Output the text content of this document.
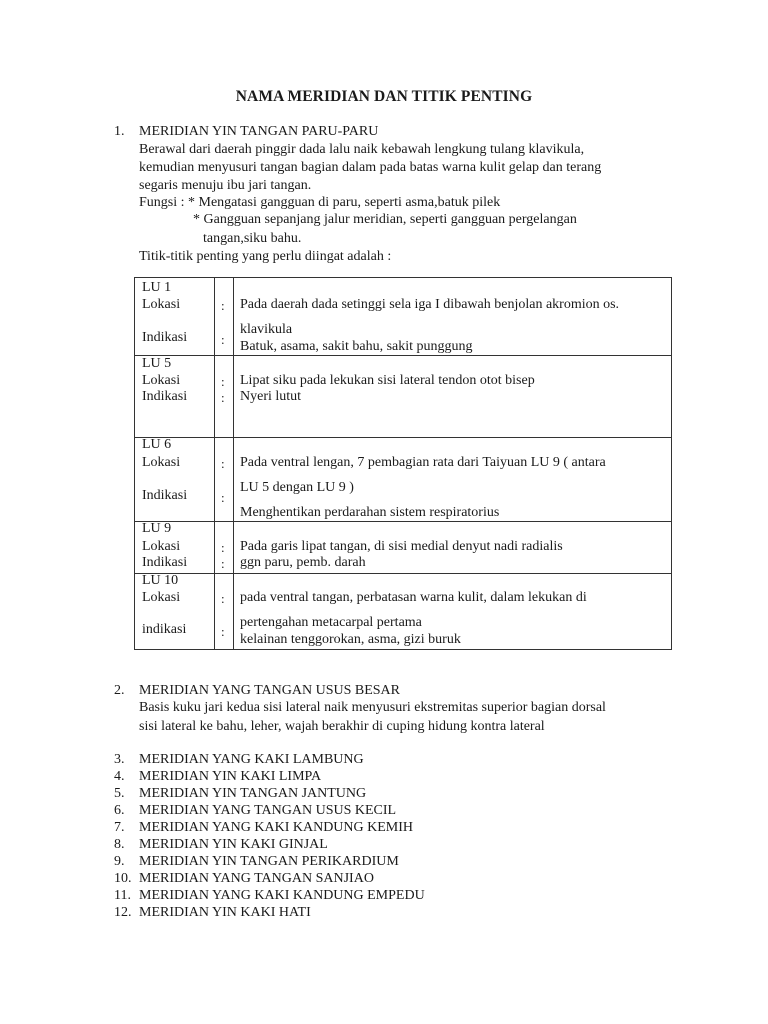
NAMA MERIDIAN DAN TITIK PENTING
1. MERIDIAN YIN TANGAN PARU-PARU
Berawal dari daerah pinggir dada lalu naik kebawah lengkung tulang klavikula,
kemudian menyusuri tangan bagian dalam pada batas warna kulit gelap dan terang
segaris menuju ibu jari tangan.
Fungsi : * Mengatasi gangguan di paru, seperti asma,batuk pilek
* Gangguan sepanjang jalur meridian, seperti gangguan pergelangan
tangan,siku bahu.
Titik-titik penting yang perlu diingat adalah :
LU 1
Lokasi	: Pada daerah dada setinggi sela iga I dibawah benjolan akromion os.
klavikula
Indikasi	: Batuk, asama, sakit bahu, sakit punggung
LU 5
Lokasi	: Lipat siku pada lekukan sisi lateral tendon otot bisep
Indikasi	: Nyeri lutut
LU 6
Lokasi	: Pada ventral lengan, 7 pembagian rata dari Taiyuan LU 9 ( antara
LU 5 dengan LU 9 )
Indikasi	:
Menghentikan perdarahan sistem respiratorius
LU 9
Lokasi	: Pada garis lipat tangan, di sisi medial denyut nadi radialis
Indikasi	: ggn paru, pemb. darah
LU 10
Lokasi	: pada ventral tangan, perbatasan warna kulit, dalam lekukan di
pertengahan metacarpal pertama
indikasi	:
kelainan tenggorokan, asma, gizi buruk
2. MERIDIAN YANG TANGAN USUS BESAR
Basis kuku jari kedua sisi lateral naik menyusuri ekstremitas superior bagian dorsal
sisi lateral ke bahu, leher, wajah berakhir di cuping hidung kontra lateral
3. MERIDIAN YANG KAKI LAMBUNG
4. MERIDIAN YIN KAKI LIMPA
5. MERIDIAN YIN TANGAN JANTUNG
6. MERIDIAN YANG TANGAN USUS KECIL
7. MERIDIAN YANG KAKI KANDUNG KEMIH
8. MERIDIAN YIN KAKI GINJAL
9. MERIDIAN YIN TANGAN PERIKARDIUM
10. MERIDIAN YANG TANGAN SANJIAO
11. MERIDIAN YANG KAKI KANDUNG EMPEDU
12. MERIDIAN YIN KAKI HATI
